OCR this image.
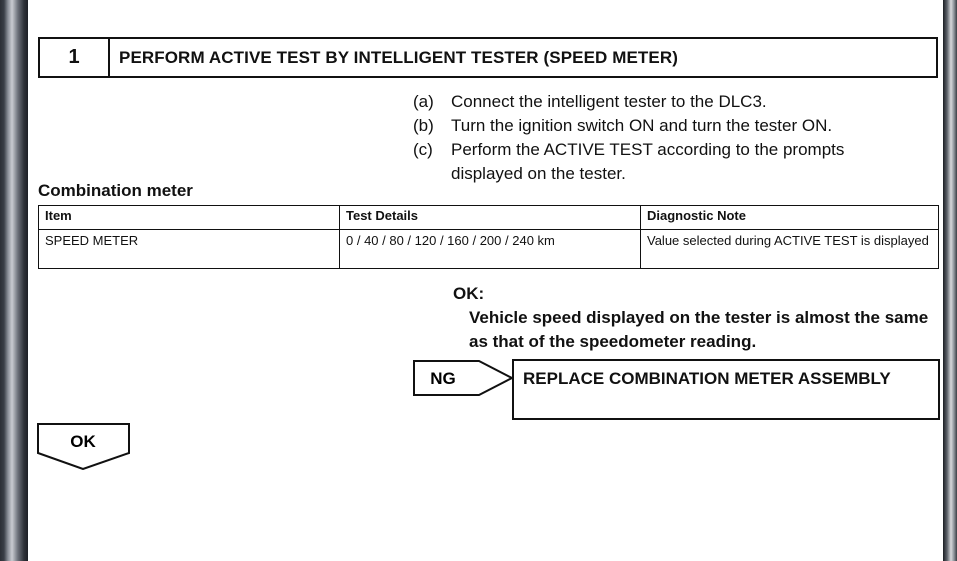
1	PERFORM ACTIVE TEST BY INTELLIGENT TESTER (SPEED METER)
(a)	Connect the intelligent tester to the DLC3.
(b)	Turn the ignition switch ON and turn the tester ON.
(c)	Perform the ACTIVE TEST according to the prompts displayed on the tester.
Combination meter
Item	Test Details	Diagnostic Note
SPEED METER	0 / 40 / 80 / 120 / 160 / 200 / 240 km	Value selected during ACTIVE TEST is displayed
OK:
Vehicle speed displayed on the tester is almost the same as that of the speedometer reading.
NG	REPLACE COMBINATION METER ASSEMBLY
OK
